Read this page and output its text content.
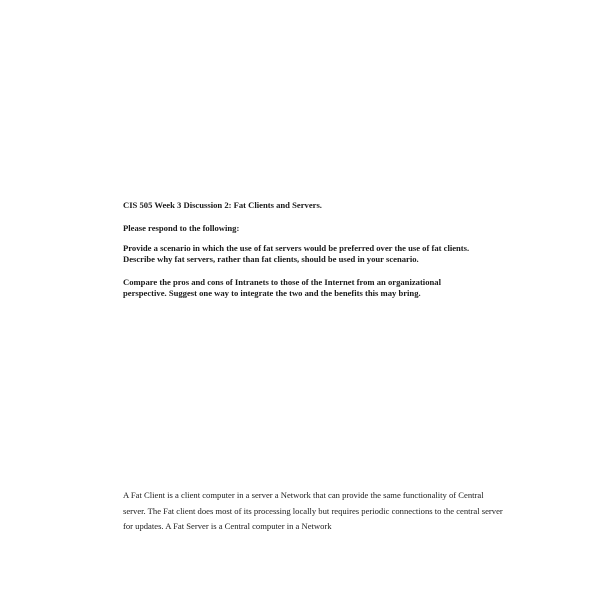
CIS 505 Week 3 Discussion 2: Fat Clients and Servers.

Please respond to the following:

Provide a scenario in which the use of fat servers would be preferred over the use of fat clients. Describe why fat servers, rather than fat clients, should be used in your scenario.

Compare the pros and cons of Intranets to those of the Internet from an organizational perspective. Suggest one way to integrate the two and the benefits this may bring.

A Fat Client is a client computer in a server a Network that can provide the same functionality of Central server. The Fat client does most of its processing locally but requires periodic connections to the central server for updates. A Fat Server is a Central computer in a Network
